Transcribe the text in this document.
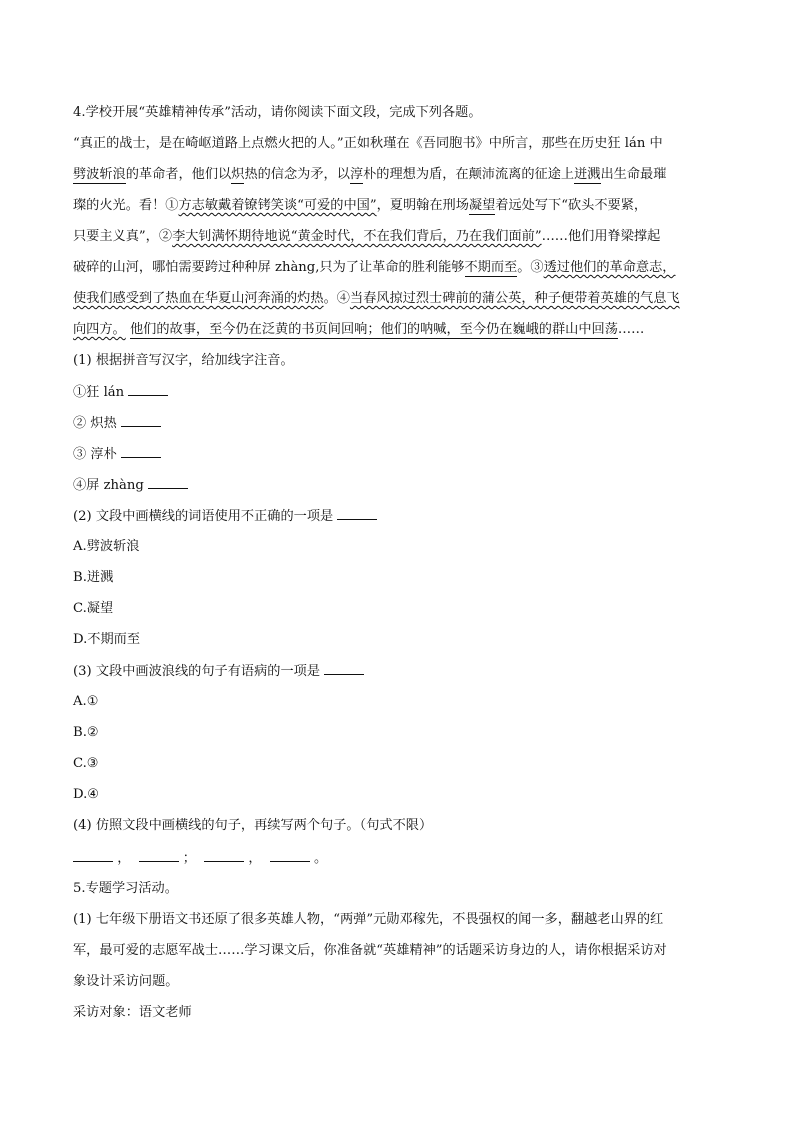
4.学校开展“英雄精神传承”活动，请你阅读下面文段，完成下列各题。
“真正的战士，是在崎岖道路上点燃火把的人。”正如秋瑾在《吾同胞书》中所言，那些在历史狂 lán 中
劈波斩浪的革命者，他们以炽热的信念为矛，以淳朴的理想为盾，在颠沛流离的征途上迸溅出生命最璀
璨的火光。看！①方志敏戴着镣铐笑谈“可爱的中国”，夏明翰在刑场凝望着远处写下“砍头不要紧，
只要主义真”，②李大钊满怀期待地说“黄金时代，不在我们背后，乃在我们面前”……他们用脊梁撑起
破碎的山河，哪怕需要跨过种种屏 zhàng,只为了让革命的胜利能够不期而至。③透过他们的革命意志，
使我们感受到了热血在华夏山河奔涌的灼热。④当春风掠过烈士碑前的蒲公英，种子便带着英雄的气息飞
向四方。 他们的故事，至今仍在泛黄的书页间回响；他们的呐喊，至今仍在巍峨的群山中回荡……
(1) 根据拼音写汉字，给加线字注音。
①狂 lán
② 炽热
③ 淳朴
④屏 zhàng
(2) 文段中画横线的词语使用不正确的一项是
A.劈波斩浪
B.迸溅
C.凝望
D.不期而至
(3) 文段中画波浪线的句子有语病的一项是
A.①
B.②
C.③
D.④
(4) 仿照文段中画横线的句子，再续写两个句子。（句式不限）
，	；	，	。
5.专题学习活动。
(1) 七年级下册语文书还原了很多英雄人物，“两弹”元勋邓稼先，不畏强权的闻一多，翻越老山界的红
军，最可爱的志愿军战士……学习课文后，你准备就“英雄精神”的话题采访身边的人，请你根据采访对
象设计采访问题。
采访对象：语文老师
